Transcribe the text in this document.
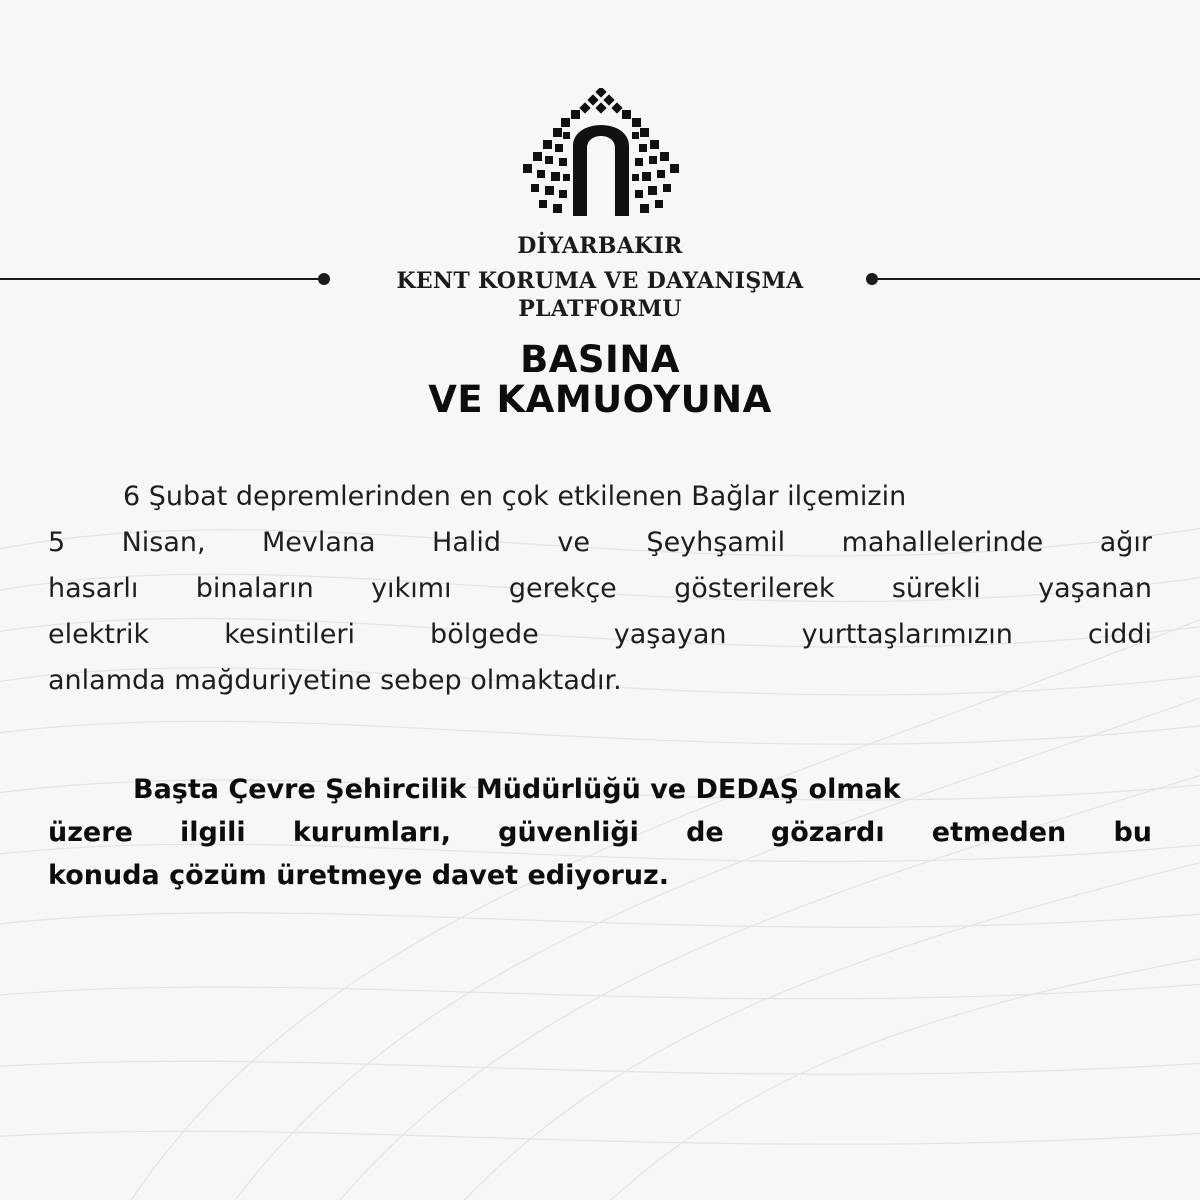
DİYARBAKIR
KENT KORUMA VE DAYANIŞMA
PLATFORMU
BASINA
VE KAMUOYUNA
6 Şubat depremlerinden en çok etkilenen Bağlar ilçemizin
5 Nisan, Mevlana Halid ve Şeyhşamil mahallelerinde ağır
hasarlı binaların yıkımı gerekçe gösterilerek sürekli yaşanan
elektrik kesintileri bölgede yaşayan yurttaşlarımızın ciddi
anlamda mağduriyetine sebep olmaktadır.
Başta Çevre Şehircilik Müdürlüğü ve DEDAŞ olmak
üzere ilgili kurumları, güvenliği de gözardı etmeden bu
konuda çözüm üretmeye davet ediyoruz.
